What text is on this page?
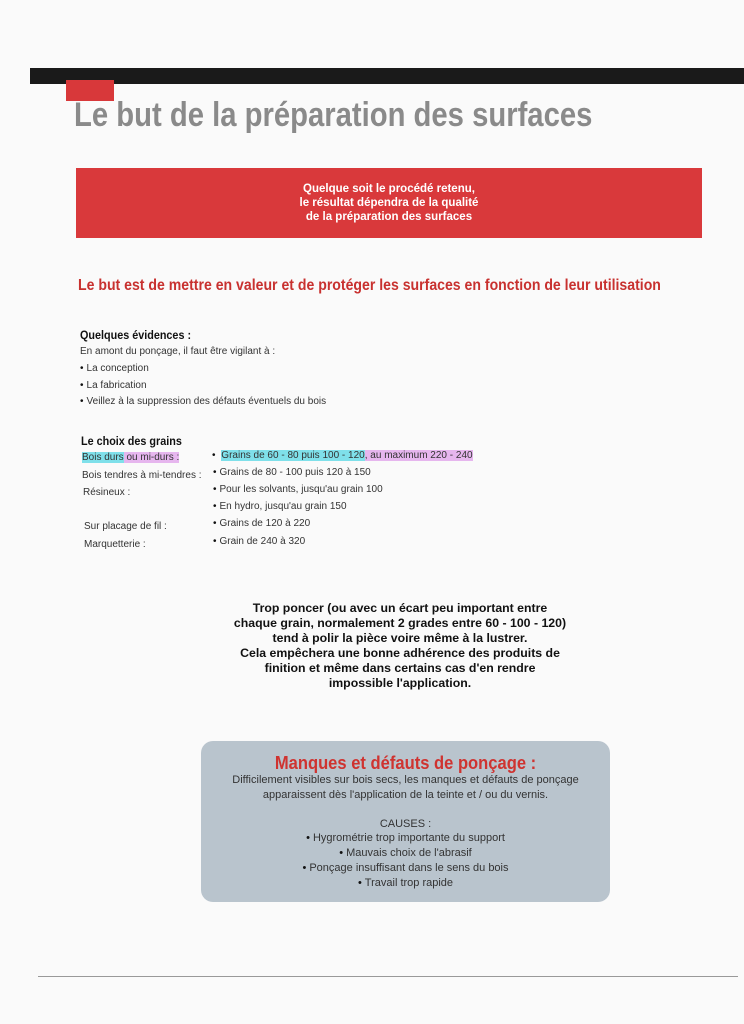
Le but de la préparation des surfaces
Quelque soit le procédé retenu,
le résultat dépendra de la qualité
de la préparation des surfaces
Le but est de mettre en valeur et de protéger les surfaces en fonction de leur utilisation
Quelques évidences :
En amont du ponçage, il faut être vigilant à :
• La conception
• La fabrication
• Veillez à la suppression des défauts éventuels du bois
Le choix des grains
Bois durs ou mi-durs :	• Grains de 60 - 80 puis 100 - 120, au maximum 220 - 240
Bois tendres à mi-tendres :	• Grains de 80 - 100 puis 120 à 150
Résineux :	• Pour les solvants, jusqu'au grain 100
• En hydro, jusqu'au grain 150
Sur placage de fil :	• Grains de 120 à 220
Marquetterie :	• Grain de 240 à 320
Trop poncer (ou avec un écart peu important entre
chaque grain, normalement 2 grades entre 60 - 100 - 120)
tend à polir la pièce voire même à la lustrer.
Cela empêchera une bonne adhérence des produits de
finition et même dans certains cas d'en rendre
impossible l'application.
Manques et défauts de ponçage :
Difficilement visibles sur bois secs, les manques et défauts de ponçage
apparaissent dès l'application de la teinte et / ou du vernis.
CAUSES :
• Hygrométrie trop importante du support
• Mauvais choix de l'abrasif
• Ponçage insuffisant dans le sens du bois
• Travail trop rapide
